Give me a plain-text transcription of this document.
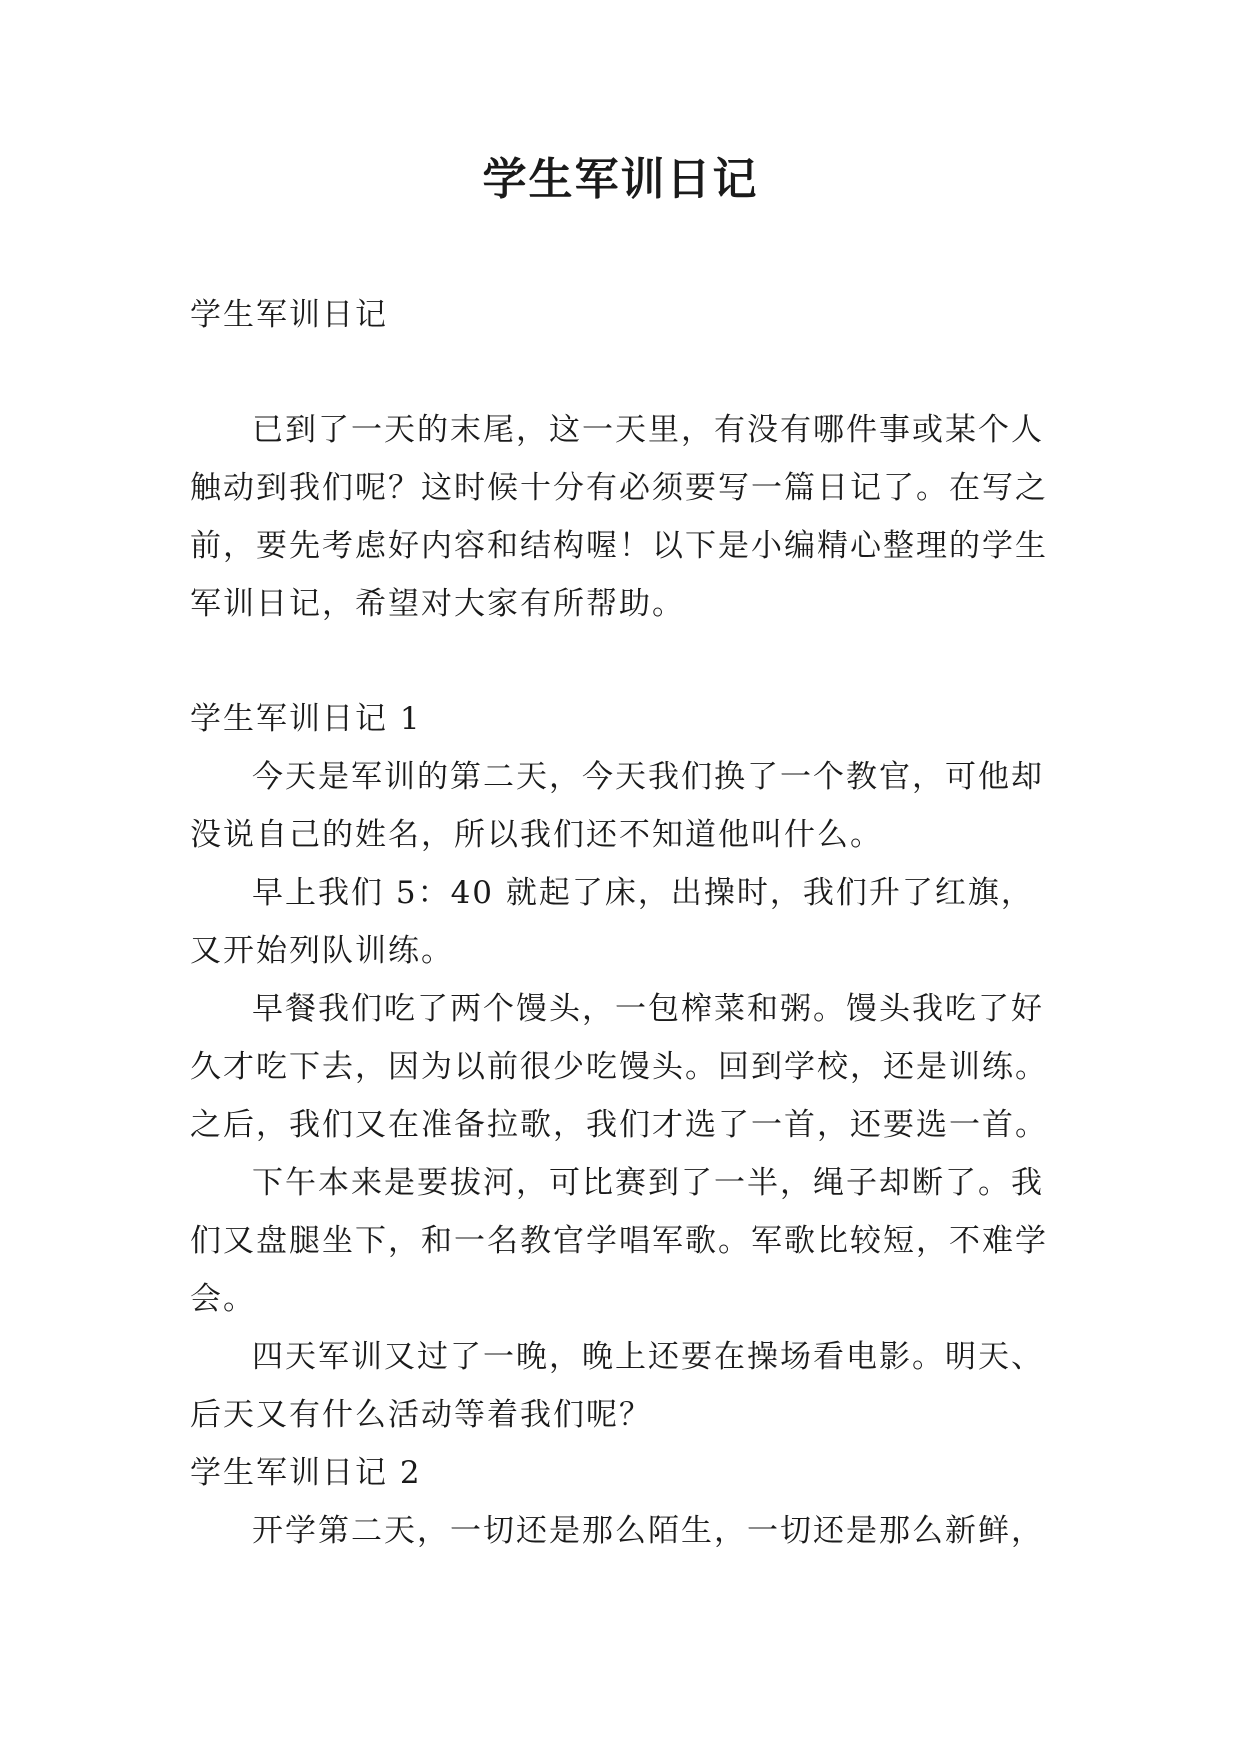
学生军训日记

学生军训日记

已到了一天的末尾，这一天里，有没有哪件事或某个人触动到我们呢？这时候十分有必须要写一篇日记了。在写之前，要先考虑好内容和结构喔！以下是小编精心整理的学生军训日记，希望对大家有所帮助。

学生军训日记 1

今天是军训的第二天，今天我们换了一个教官，可他却没说自己的姓名，所以我们还不知道他叫什么。

早上我们 5：40 就起了床，出操时，我们升了红旗，又开始列队训练。

早餐我们吃了两个馒头，一包榨菜和粥。馒头我吃了好久才吃下去，因为以前很少吃馒头。回到学校，还是训练。之后，我们又在准备拉歌，我们才选了一首，还要选一首。

下午本来是要拔河，可比赛到了一半，绳子却断了。我们又盘腿坐下，和一名教官学唱军歌。军歌比较短，不难学会。

四天军训又过了一晚，晚上还要在操场看电影。明天、后天又有什么活动等着我们呢？

学生军训日记 2

开学第二天，一切还是那么陌生，一切还是那么新鲜，
